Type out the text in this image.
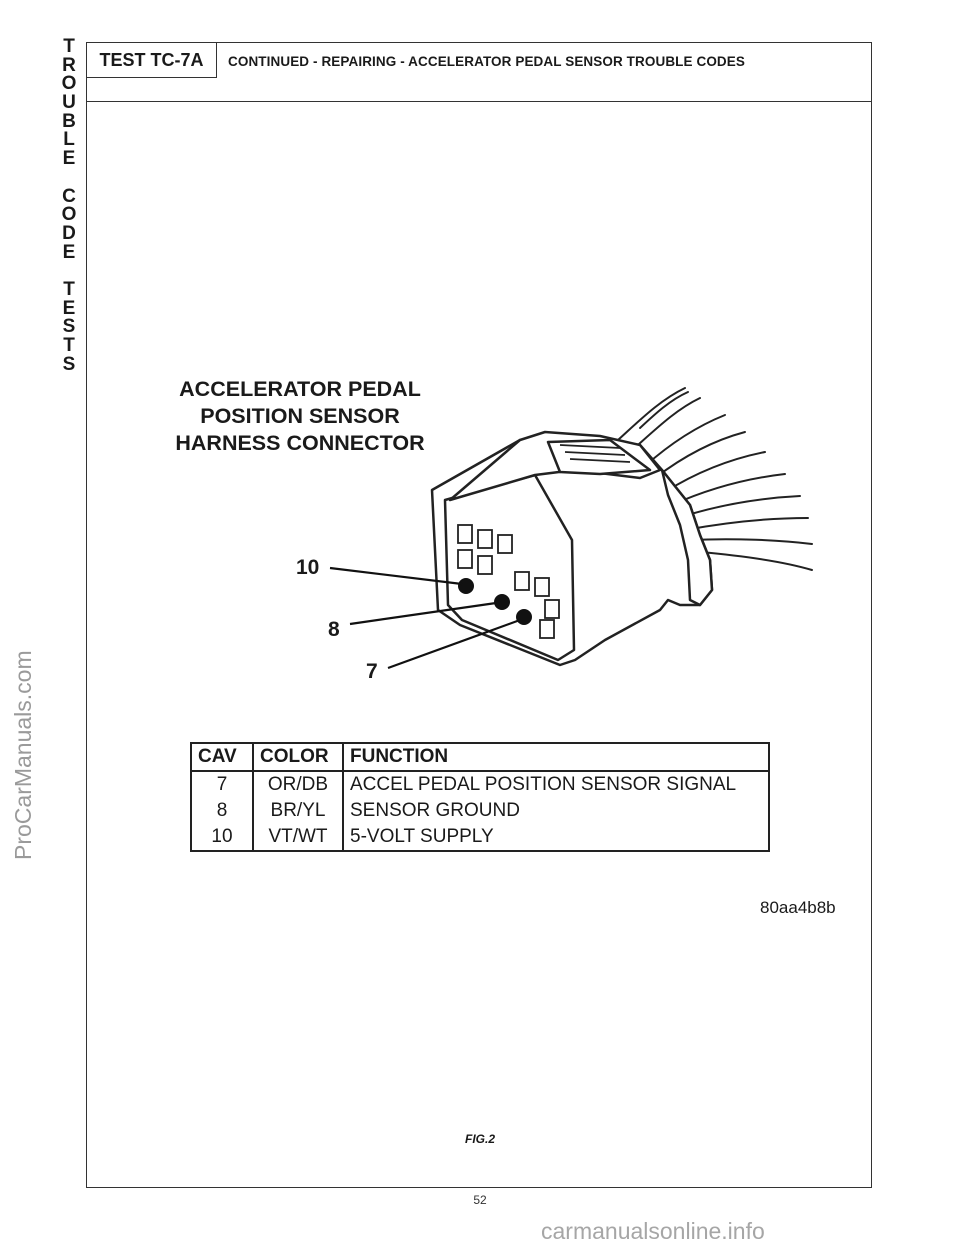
T
R
O
U
B
L
E
C
O
D
E
T
E
S
T
S
ProCarManuals.com
TEST TC-7A	CONTINUED - REPAIRING - ACCELERATOR PEDAL SENSOR TROUBLE CODES
ACCELERATOR PEDAL
POSITION SENSOR
HARNESS CONNECTOR
10
8
7
CAV	COLOR	FUNCTION
7	OR/DB	ACCEL PEDAL POSITION SENSOR SIGNAL
8	BR/YL	SENSOR GROUND
10	VT/WT	5-VOLT SUPPLY
80aa4b8b
FIG.2
52
carmanualsonline.info
